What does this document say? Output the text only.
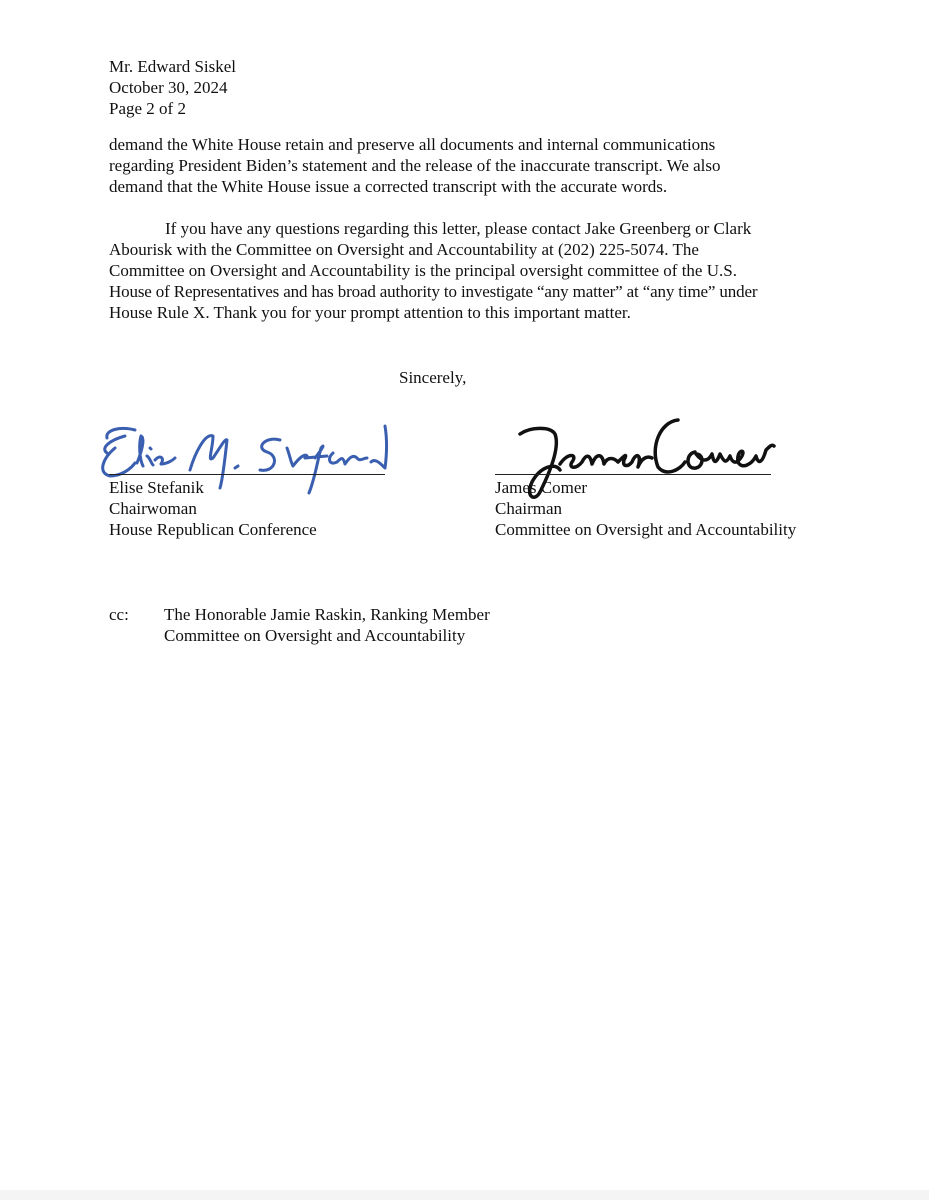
Mr. Edward Siskel
October 30, 2024
Page 2 of 2
demand the White House retain and preserve all documents and internal communications
regarding President Biden’s statement and the release of the inaccurate transcript. We also
demand that the White House issue a corrected transcript with the accurate words.
If you have any questions regarding this letter, please contact Jake Greenberg or Clark
Abourisk with the Committee on Oversight and Accountability at (202) 225-5074. The
Committee on Oversight and Accountability is the principal oversight committee of the U.S.
House of Representatives and has broad authority to investigate “any matter” at “any time” under
House Rule X. Thank you for your prompt attention to this important matter.
Sincerely,
Elise Stefanik
Chairwoman
House Republican Conference
James Comer
Chairman
Committee on Oversight and Accountability
cc: The Honorable Jamie Raskin, Ranking Member
Committee on Oversight and Accountability
